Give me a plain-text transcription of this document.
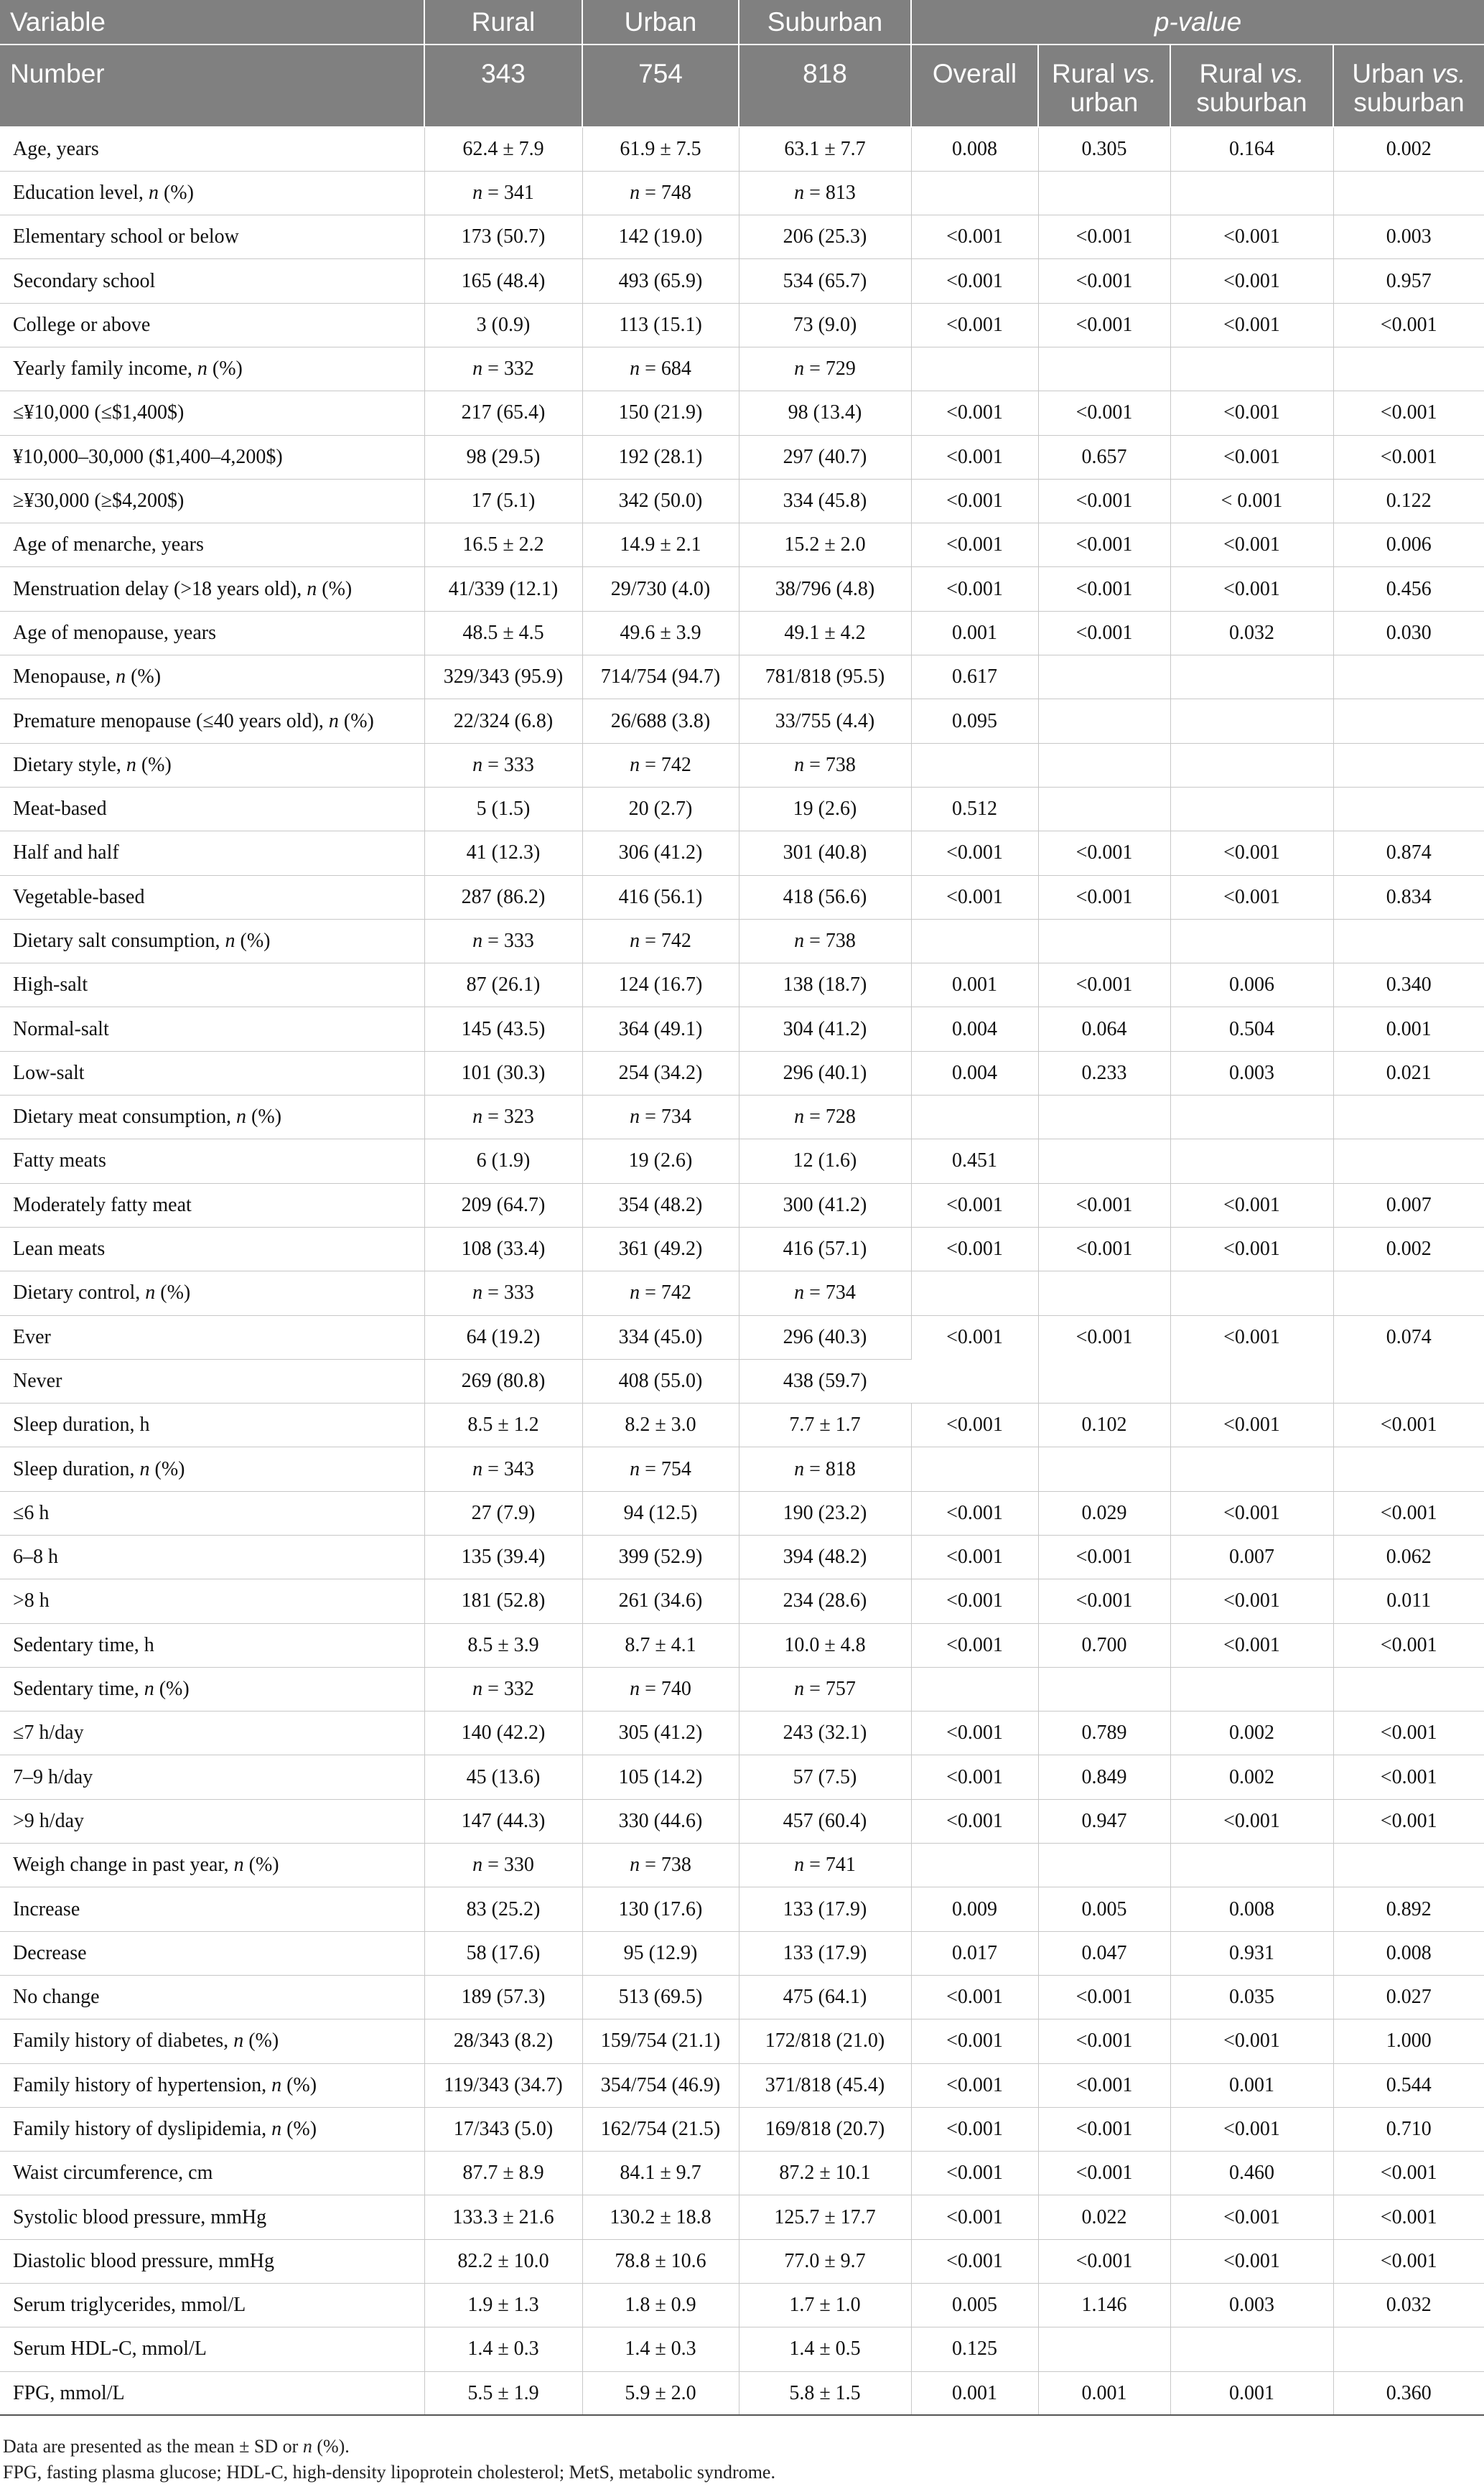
Variable	Rural	Urban	Suburban	p-value			
Number	343	754	818	Overall	Rural vs. urban	Rural vs. suburban	Urban vs. suburban
Age, years	62.4 ± 7.9	61.9 ± 7.5	63.1 ± 7.7	0.008	0.305	0.164	0.002
Education level, n (%)	n = 341	n = 748	n = 813				
Elementary school or below	173 (50.7)	142 (19.0)	206 (25.3)	<0.001	<0.001	<0.001	0.003
Secondary school	165 (48.4)	493 (65.9)	534 (65.7)	<0.001	<0.001	<0.001	0.957
College or above	3 (0.9)	113 (15.1)	73 (9.0)	<0.001	<0.001	<0.001	<0.001
Yearly family income, n (%)	n = 332	n = 684	n = 729				
≤¥10,000 (≤$1,400$)	217 (65.4)	150 (21.9)	98 (13.4)	<0.001	<0.001	<0.001	<0.001
¥10,000–30,000 ($1,400–4,200$)	98 (29.5)	192 (28.1)	297 (40.7)	<0.001	0.657	<0.001	<0.001
≥¥30,000 (≥$4,200$)	17 (5.1)	342 (50.0)	334 (45.8)	<0.001	<0.001	< 0.001	0.122
Age of menarche, years	16.5 ± 2.2	14.9 ± 2.1	15.2 ± 2.0	<0.001	<0.001	<0.001	0.006
Menstruation delay (>18 years old), n (%)	41/339 (12.1)	29/730 (4.0)	38/796 (4.8)	<0.001	<0.001	<0.001	0.456
Age of menopause, years	48.5 ± 4.5	49.6 ± 3.9	49.1 ± 4.2	0.001	<0.001	0.032	0.030
Menopause, n (%)	329/343 (95.9)	714/754 (94.7)	781/818 (95.5)	0.617			
Premature menopause (≤40 years old), n (%)	22/324 (6.8)	26/688 (3.8)	33/755 (4.4)	0.095			
Dietary style, n (%)	n = 333	n = 742	n = 738				
Meat-based	5 (1.5)	20 (2.7)	19 (2.6)	0.512			
Half and half	41 (12.3)	306 (41.2)	301 (40.8)	<0.001	<0.001	<0.001	0.874
Vegetable-based	287 (86.2)	416 (56.1)	418 (56.6)	<0.001	<0.001	<0.001	0.834
Dietary salt consumption, n (%)	n = 333	n = 742	n = 738				
High-salt	87 (26.1)	124 (16.7)	138 (18.7)	0.001	<0.001	0.006	0.340
Normal-salt	145 (43.5)	364 (49.1)	304 (41.2)	0.004	0.064	0.504	0.001
Low-salt	101 (30.3)	254 (34.2)	296 (40.1)	0.004	0.233	0.003	0.021
Dietary meat consumption, n (%)	n = 323	n = 734	n = 728				
Fatty meats	6 (1.9)	19 (2.6)	12 (1.6)	0.451			
Moderately fatty meat	209 (64.7)	354 (48.2)	300 (41.2)	<0.001	<0.001	<0.001	0.007
Lean meats	108 (33.4)	361 (49.2)	416 (57.1)	<0.001	<0.001	<0.001	0.002
Dietary control, n (%)	n = 333	n = 742	n = 734				
Ever	64 (19.2)	334 (45.0)	296 (40.3)	<0.001	<0.001	<0.001	0.074
Never	269 (80.8)	408 (55.0)	438 (59.7)				
Sleep duration, h	8.5 ± 1.2	8.2 ± 3.0	7.7 ± 1.7	<0.001	0.102	<0.001	<0.001
Sleep duration, n (%)	n = 343	n = 754	n = 818				
≤6 h	27 (7.9)	94 (12.5)	190 (23.2)	<0.001	0.029	<0.001	<0.001
6–8 h	135 (39.4)	399 (52.9)	394 (48.2)	<0.001	<0.001	0.007	0.062
>8 h	181 (52.8)	261 (34.6)	234 (28.6)	<0.001	<0.001	<0.001	0.011
Sedentary time, h	8.5 ± 3.9	8.7 ± 4.1	10.0 ± 4.8	<0.001	0.700	<0.001	<0.001
Sedentary time, n (%)	n = 332	n = 740	n = 757				
≤7 h/day	140 (42.2)	305 (41.2)	243 (32.1)	<0.001	0.789	0.002	<0.001
7–9 h/day	45 (13.6)	105 (14.2)	57 (7.5)	<0.001	0.849	0.002	<0.001
>9 h/day	147 (44.3)	330 (44.6)	457 (60.4)	<0.001	0.947	<0.001	<0.001
Weigh change in past year, n (%)	n = 330	n = 738	n = 741				
Increase	83 (25.2)	130 (17.6)	133 (17.9)	0.009	0.005	0.008	0.892
Decrease	58 (17.6)	95 (12.9)	133 (17.9)	0.017	0.047	0.931	0.008
No change	189 (57.3)	513 (69.5)	475 (64.1)	<0.001	<0.001	0.035	0.027
Family history of diabetes, n (%)	28/343 (8.2)	159/754 (21.1)	172/818 (21.0)	<0.001	<0.001	<0.001	1.000
Family history of hypertension, n (%)	119/343 (34.7)	354/754 (46.9)	371/818 (45.4)	<0.001	<0.001	0.001	0.544
Family history of dyslipidemia, n (%)	17/343 (5.0)	162/754 (21.5)	169/818 (20.7)	<0.001	<0.001	<0.001	0.710
Waist circumference, cm	87.7 ± 8.9	84.1 ± 9.7	87.2 ± 10.1	<0.001	<0.001	0.460	<0.001
Systolic blood pressure, mmHg	133.3 ± 21.6	130.2 ± 18.8	125.7 ± 17.7	<0.001	0.022	<0.001	<0.001
Diastolic blood pressure, mmHg	82.2 ± 10.0	78.8 ± 10.6	77.0 ± 9.7	<0.001	<0.001	<0.001	<0.001
Serum triglycerides, mmol/L	1.9 ± 1.3	1.8 ± 0.9	1.7 ± 1.0	0.005	1.146	0.003	0.032
Serum HDL-C, mmol/L	1.4 ± 0.3	1.4 ± 0.3	1.4 ± 0.5	0.125			
FPG, mmol/L	5.5 ± 1.9	5.9 ± 2.0	5.8 ± 1.5	0.001	0.001	0.001	0.360
Data are presented as the mean ± SD or n (%).
FPG, fasting plasma glucose; HDL-C, high-density lipoprotein cholesterol; MetS, metabolic syndrome.
